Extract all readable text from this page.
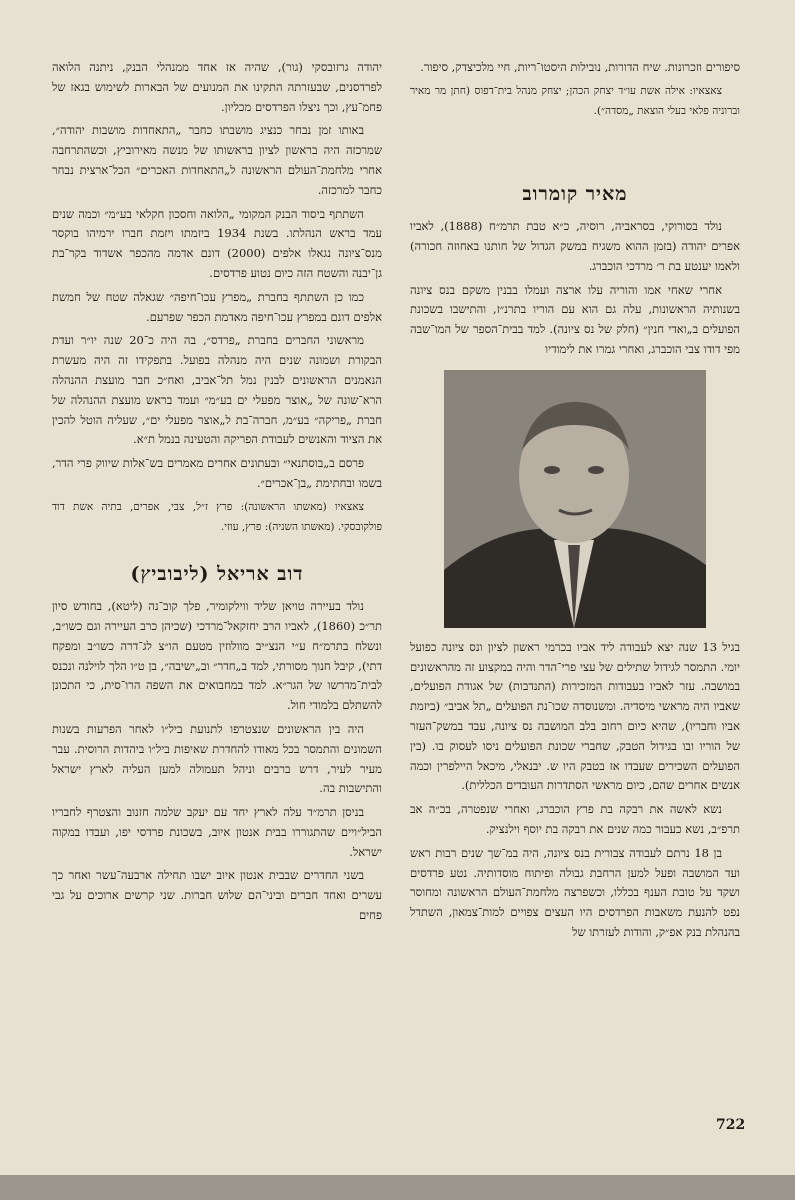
סיפורים וזכרונות. שיח הדורות, נובילות היסטו־ריות, חיי מלכיצדק, סיפור.

צאצאיו: אילה אשת עו״ד יצחק הכהן; יצחק מנהל בית־דפוס (חתן מר מאיר וברוניה פלאי בעלי הוצאת „מסדה״).

מאיר קומרוב

נולד בסורוקי, בסראביה, רוסיה, כ״א טבת תרמ״ח (1888), לאביו אפרים יהודה (בזמן ההוא משגיח במשק הגדול של חותנו באחוזה חכורה) ולאמו יענטע בת ר׳ מרדכי הוכברג.

אחרי שאחי אמו והוריה עלו ארצה ועמלו בבנין משקם בנס ציונה בשנותיה הראשונות, עלה גם הוא עם הוריו בתרנ״ז, והתישבו בשכונת הפועלים ב„ואדי חנין״ (חלק של נס ציונה). למד בבית־הספר של המו־שבה מפי דודו צבי הוכברג, ואחרי גמרו את לימודיו

בגיל 13 שנה יצא לעבודה ליד אביו בכרמי ראשון לציון ונס ציונה כפועל יומי. התמסר לגידול שתילים של עצי פרי־הדר והיה במקצוע זה מהראשונים במושבה. עזר לאביו בעבודות המזכירות (התנדבות) של אגודת הפועלים, שאביו היה מראשי מיסדיה. ומשנוסדה שכו־נת הפועלים „תל אביב״ (ביזמת אביו וחבריו), שהיא כיום רחוב בלב המושבה נס ציונה, עבד במשק־העזר של הוריו ובו בגידול הטבק, שחברי שכונת הפועלים ניסו לעסוק בו. (בין הפועלים השכירים שעבדו אז בטבק היו ש. יבנאלי, מיכאל היילפרין וכמה אנשים אחרים שהם, כיום מראשי הסתדרות העובדים הכללית).

נשא לאשה את רבקה בת פרץ הוכברג, ואחרי שנפטרה, בכ״ה אב תרפ״ב, נשא כעבור כמה שנים את רבקה בת יוסף וילנציק.

בן 18 נרתם לעבודה צבורית בנס ציונה, היה במ־שך שנים רבות ראש ועד המושבה ופעל למען הרחבת גבולה ופיתוח מוסדותיה. נטע פרדסים ושקד על טובת הענף בכללו, וכשפרצה מלחמת־העולם הראשונה ומחוסר נפט להנעת משאבות הפרדסים היו העצים צפויים למות־צמאון, השתדל בהנהלת בנק אפ״ק, והודות לעזרתו של

יהודה גרזובסקי (גור), שהיה אז אחד ממנהלי הבנק, ניתנה הלואה לפרדסנים, שבעזרתה התקינו את המנועים של הבארות לשימוש בגאז של פחמ־עץ, וכך ניצלו הפרדסים מכליון.

באותו זמן נבחר כנציג מושבתו כחבר „התאחדות מושבות יהודה״, שמרכזה היה בראשון לציון בראשותו של מנשה מאירוביץ, וכשהתרחבה אחרי מלחמת־העולם הראשונה ל„התאחדות האכרים״ הכל־ארצית נבחר כחבר למרכזה.

השתתף ביסוד הבנק המקומי „הלואה וחסכון חקלאי בע״מ״ וכמה שנים עמד בראש הנהלתו. בשנת 1934 ביזמתו ויזמת חברו ירמיהו בוקסר מנס־ציונה נגאלו אלפים (2000) דונם אדמה מהכפר אשדוד בקר־בת גן־יבנה והשטח הזה כיום נטוע פרדסים.

כמו כן השתתף בחברת „מפרץ עכו־חיפה״ שגאלה שטח של חמשת אלפים דונם במפרץ עכו־חיפה מאדמת הכפר שפרעם.

מראשוני החברים בחברת „פרדס״, בה היה כ־20 שנה יו״ר ועדת הבקורת ושמונה שנים היה מנהלה בפועל. בתפקידו זה היה מעשרת הנאמנים הראשונים לבנין נמל תל־אביב, ואח״כ חבר מועצת ההנהלה הרא־שונה של „אוצר מפעלי ים בע״מ״ ועמד בראש מועצת ההנהלה של חברת „פריקה״ בע״מ, חברה־בת ל„אוצר מפעלי ים״, שעליה הוטל להכין את הציוד והאנשים לעבודת הפריקה והטעינה בנמל ת״א.

פרסם ב„בוסתנאי״ ובעתונים אחרים מאמרים בש־אלות שיווק פרי הדר, בשמו ובחתימת „בן־אכרים״.

צאצאיו (מאשתו הראשונה): פרץ ז״ל, צבי, אפרים, בתיה אשת דוד פולקובסקי. (מאשתו השניה): פרץ, עוזי.

דוב אריאל (ליבוביץ)

נולד בעיירה טויאן שליד ווילקומיר, פלך קוב־נה (ליטא), בחודש סיון תר״כ (1860), לאביו הרב יחזקאל־מרדכי (שכיהן כרב העיירה וגם כשו״ב, ונשלח בתרמ״ח ע״י הנצ״יב מוולוזין מטעם הו״צ לג־דרה כשו״ב ומפקח דתי), קיבל חנוך מסורתי, למד ב„חדר״ וב„ישיבה״, בן ט״ו הלך לוילנה ונכנס לבית־מדרשו של הגר״א. למד במחבואים את השפה הרו־סית, כי התכונן להשתלם בלמודי חול.

היה בין הראשונים שנצטרפו לתנועת ביל״ו לאחר הפרעות בשנות השמונים והתמסר בכל מאודו להחדרת שאיפות ביל״ו ביהדות הרוסית. עבר מעיר לעיר, דרש ברבים וניהל תעמולה למען העליה לארץ ישראל והתישבות בה.

בניסן תרמ״ד עלה לארץ יחד עם יעקב שלמה חזנוב והצטרף לחבריו הביל״ויים שהתגוררו בבית אנטון איוב, בשכונת פרדסי יפו, ועבדו במקוה ישראל.

בשני החדרים שבבית אנטון איוב ישבו תחילה ארבעה־עשר ואחר כך עשרים ואחד חברים וביני־הם שלוש חברות. שני קרשים ארוכים על גבי פחים

722
